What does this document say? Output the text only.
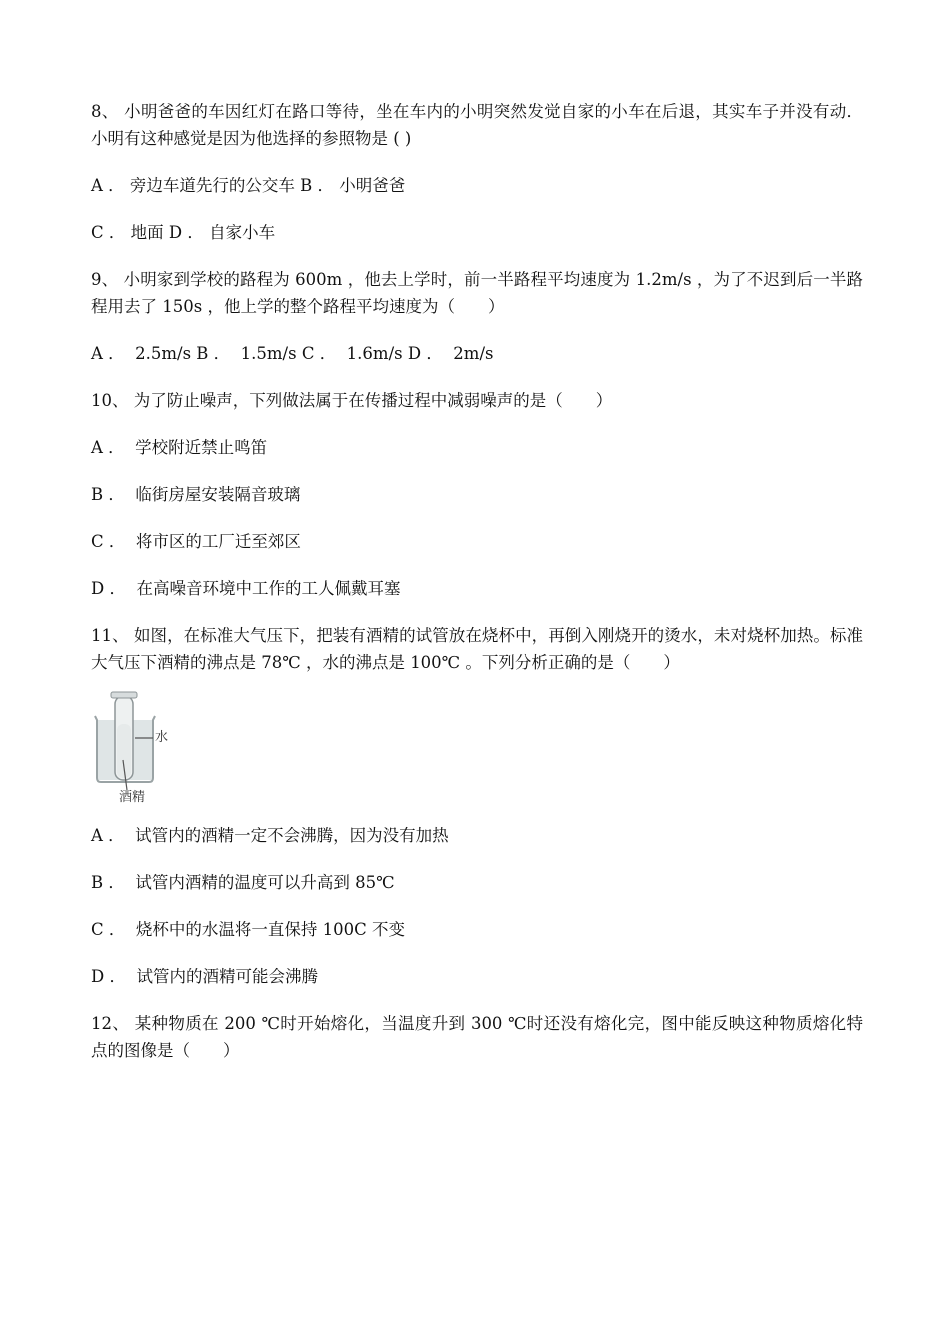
8、 小明爸爸的车因红灯在路口等待，坐在车内的小明突然发觉自家的小车在后退，其实车子并没有动．小明有这种感觉是因为他选择的参照物是 ( )

A ． 旁边车道先行的公交车 B ． 小明爸爸

C ． 地面 D ． 自家小车

9、 小明家到学校的路程为 600m ，他去上学时，前一半路程平均速度为 1.2m/s ，为了不迟到后一半路程用去了 150s ，他上学的整个路程平均速度为（　　）

A ．  2.5m/s B ．  1.5m/s C ．  1.6m/s D ．  2m/s

10、 为了防止噪声，下列做法属于在传播过程中减弱噪声的是（　　）

A ．  学校附近禁止鸣笛

B ．  临街房屋安装隔音玻璃

C ．  将市区的工厂迁至郊区

D ．  在高噪音环境中工作的工人佩戴耳塞

11、 如图，在标准大气压下，把装有酒精的试管放在烧杯中，再倒入刚烧开的烫水，未对烧杯加热。标准大气压下酒精的沸点是 78℃ ，水的沸点是 100℃ 。下列分析正确的是（　　）

水
酒精

A ．  试管内的酒精一定不会沸腾，因为没有加热

B ．  试管内酒精的温度可以升高到 85℃

C ．  烧杯中的水温将一直保持 100C 不变

D ．  试管内的酒精可能会沸腾

12、 某种物质在 200 ℃时开始熔化，当温度升到 300 ℃时还没有熔化完，图中能反映这种物质熔化特点的图像是（　　）
